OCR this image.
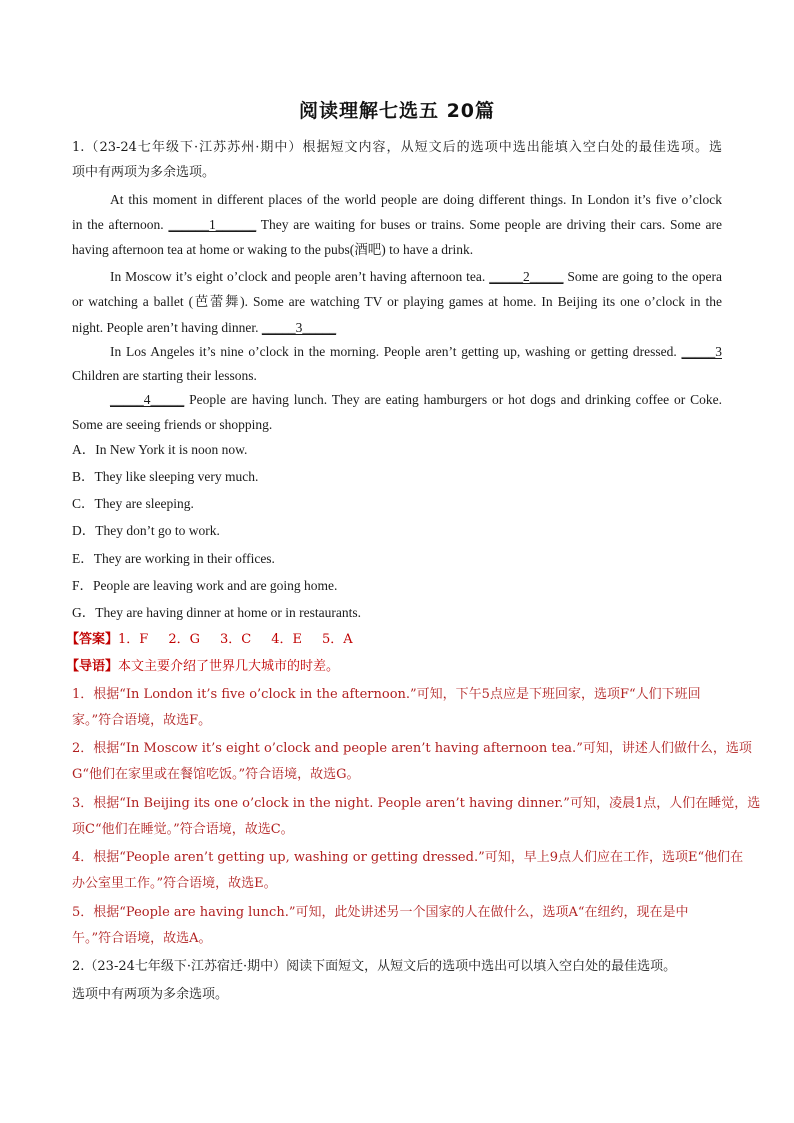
阅读理解七选五 20篇
1.（23-24七年级下·江苏苏州·期中）根据短文内容，从短文后的选项中选出能填入空白处的最佳选项。选
项中有两项为多余选项。
At this moment in different places of the world people are doing different things. In London it’s five o’clock
in the afternoon. ______1______ They are waiting for buses or trains. Some people are driving their cars. Some are
having afternoon tea at home or waking to the pubs(酒吧) to have a drink.
In Moscow it’s eight o’clock and people aren’t having afternoon tea. _____2_____ Some are going to the opera
or watching a ballet (芭蕾舞). Some are watching TV or playing games at home. In Beijing its one o’clock in the
night. People aren’t having dinner. _____3_____
In Los Angeles it’s nine o’clock in the morning. People aren’t getting up, washing or getting dressed. _____3
Children are starting their lessons.
_____4_____ People are having lunch. They are eating hamburgers or hot dogs and drinking coffee or Coke.
Some are seeing friends or shopping.
A．In New York it is noon now.
B．They like sleeping very much.
C．They are sleeping.
D．They don’t go to work.
E．They are working in their offices.
F．People are leaving work and are going home.
G．They are having dinner at home or in restaurants.
【答案】1．F 2．G 3．C 4．E 5．A
【导语】本文主要介绍了世界几大城市的时差。
1．根据“In London it’s five o’clock in the afternoon.”可知，下午5点应是下班回家，选项F“人们下班回
家。”符合语境，故选F。
2．根据“In Moscow it’s eight o’clock and people aren’t having afternoon tea.”可知，讲述人们做什么，选项
G“他们在家里或在餐馆吃饭。”符合语境，故选G。
3．根据“In Beijing its one o’clock in the night. People aren’t having dinner.”可知，凌晨1点，人们在睡觉，选
项C“他们在睡觉。”符合语境，故选C。
4．根据“People aren’t getting up, washing or getting dressed.”可知，早上9点人们应在工作，选项E“他们在
办公室里工作。”符合语境，故选E。
5．根据“People are having lunch.”可知，此处讲述另一个国家的人在做什么，选项A“在纽约，现在是中
午。”符合语境，故选A。
2.（23-24七年级下·江苏宿迁·期中）阅读下面短文，从短文后的选项中选出可以填入空白处的最佳选项。
选项中有两项为多余选项。
